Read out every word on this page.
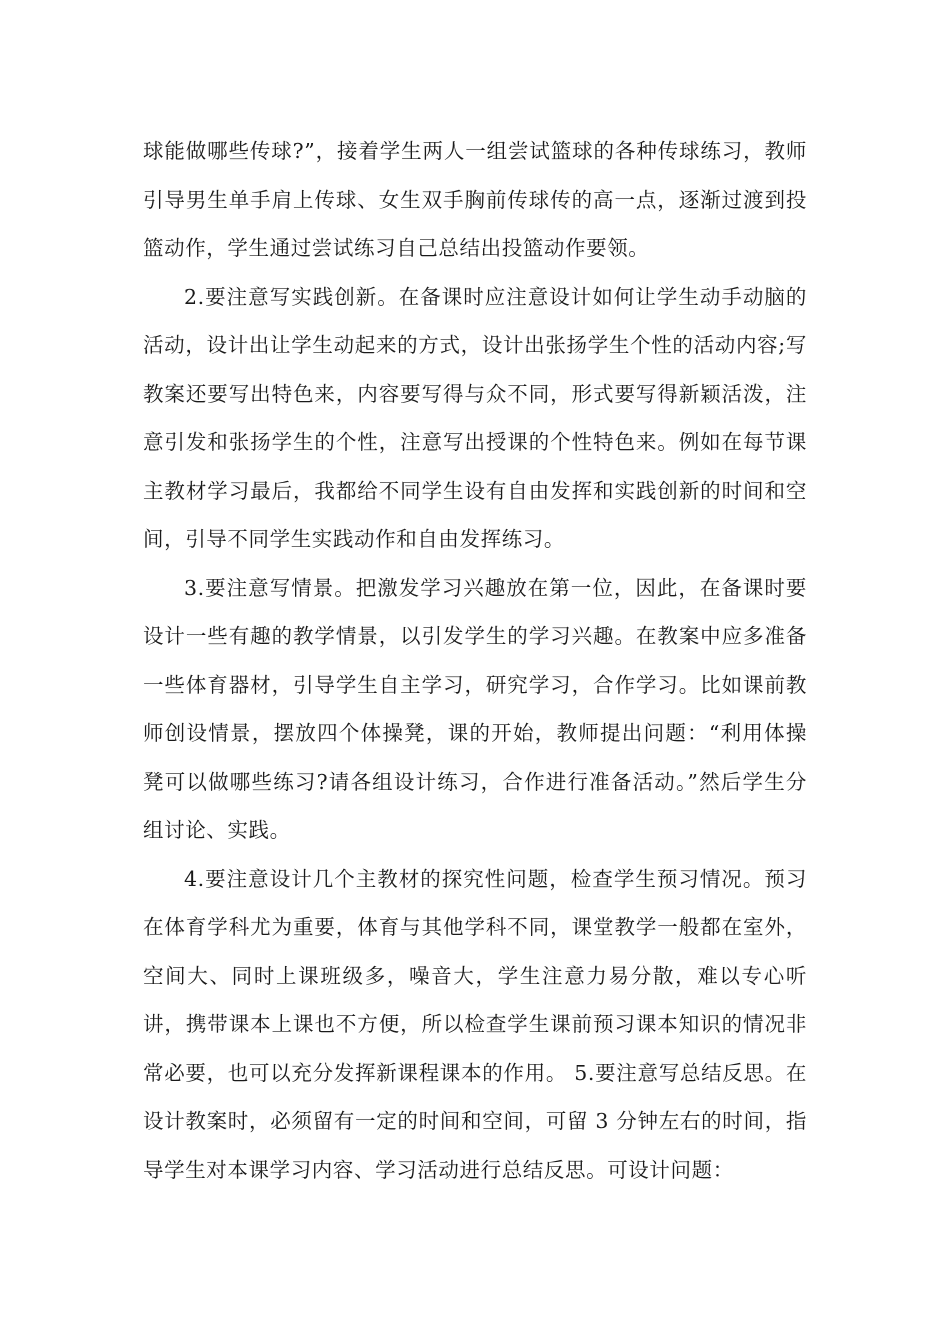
球能做哪些传球?”，接着学生两人一组尝试篮球的各种传球练习，教师引导男生单手肩上传球、女生双手胸前传球传的高一点，逐渐过渡到投篮动作，学生通过尝试练习自己总结出投篮动作要领。

2.要注意写实践创新。在备课时应注意设计如何让学生动手动脑的活动，设计出让学生动起来的方式，设计出张扬学生个性的活动内容;写教案还要写出特色来，内容要写得与众不同，形式要写得新颖活泼，注意引发和张扬学生的个性，注意写出授课的个性特色来。例如在每节课主教材学习最后，我都给不同学生设有自由发挥和实践创新的时间和空间，引导不同学生实践动作和自由发挥练习。

3.要注意写情景。把激发学习兴趣放在第一位，因此，在备课时要设计一些有趣的教学情景，以引发学生的学习兴趣。在教案中应多准备一些体育器材，引导学生自主学习，研究学习，合作学习。比如课前教师创设情景，摆放四个体操凳，课的开始，教师提出问题：“利用体操凳可以做哪些练习?请各组设计练习，合作进行准备活动。”然后学生分组讨论、实践。

4.要注意设计几个主教材的探究性问题，检查学生预习情况。预习在体育学科尤为重要，体育与其他学科不同，课堂教学一般都在室外，空间大、同时上课班级多，噪音大，学生注意力易分散，难以专心听讲，携带课本上课也不方便，所以检查学生课前预习课本知识的情况非常必要，也可以充分发挥新课程课本的作用。 5.要注意写总结反思。在设计教案时，必须留有一定的时间和空间，可留 3 分钟左右的时间，指导学生对本课学习内容、学习活动进行总结反思。可设计问题：
